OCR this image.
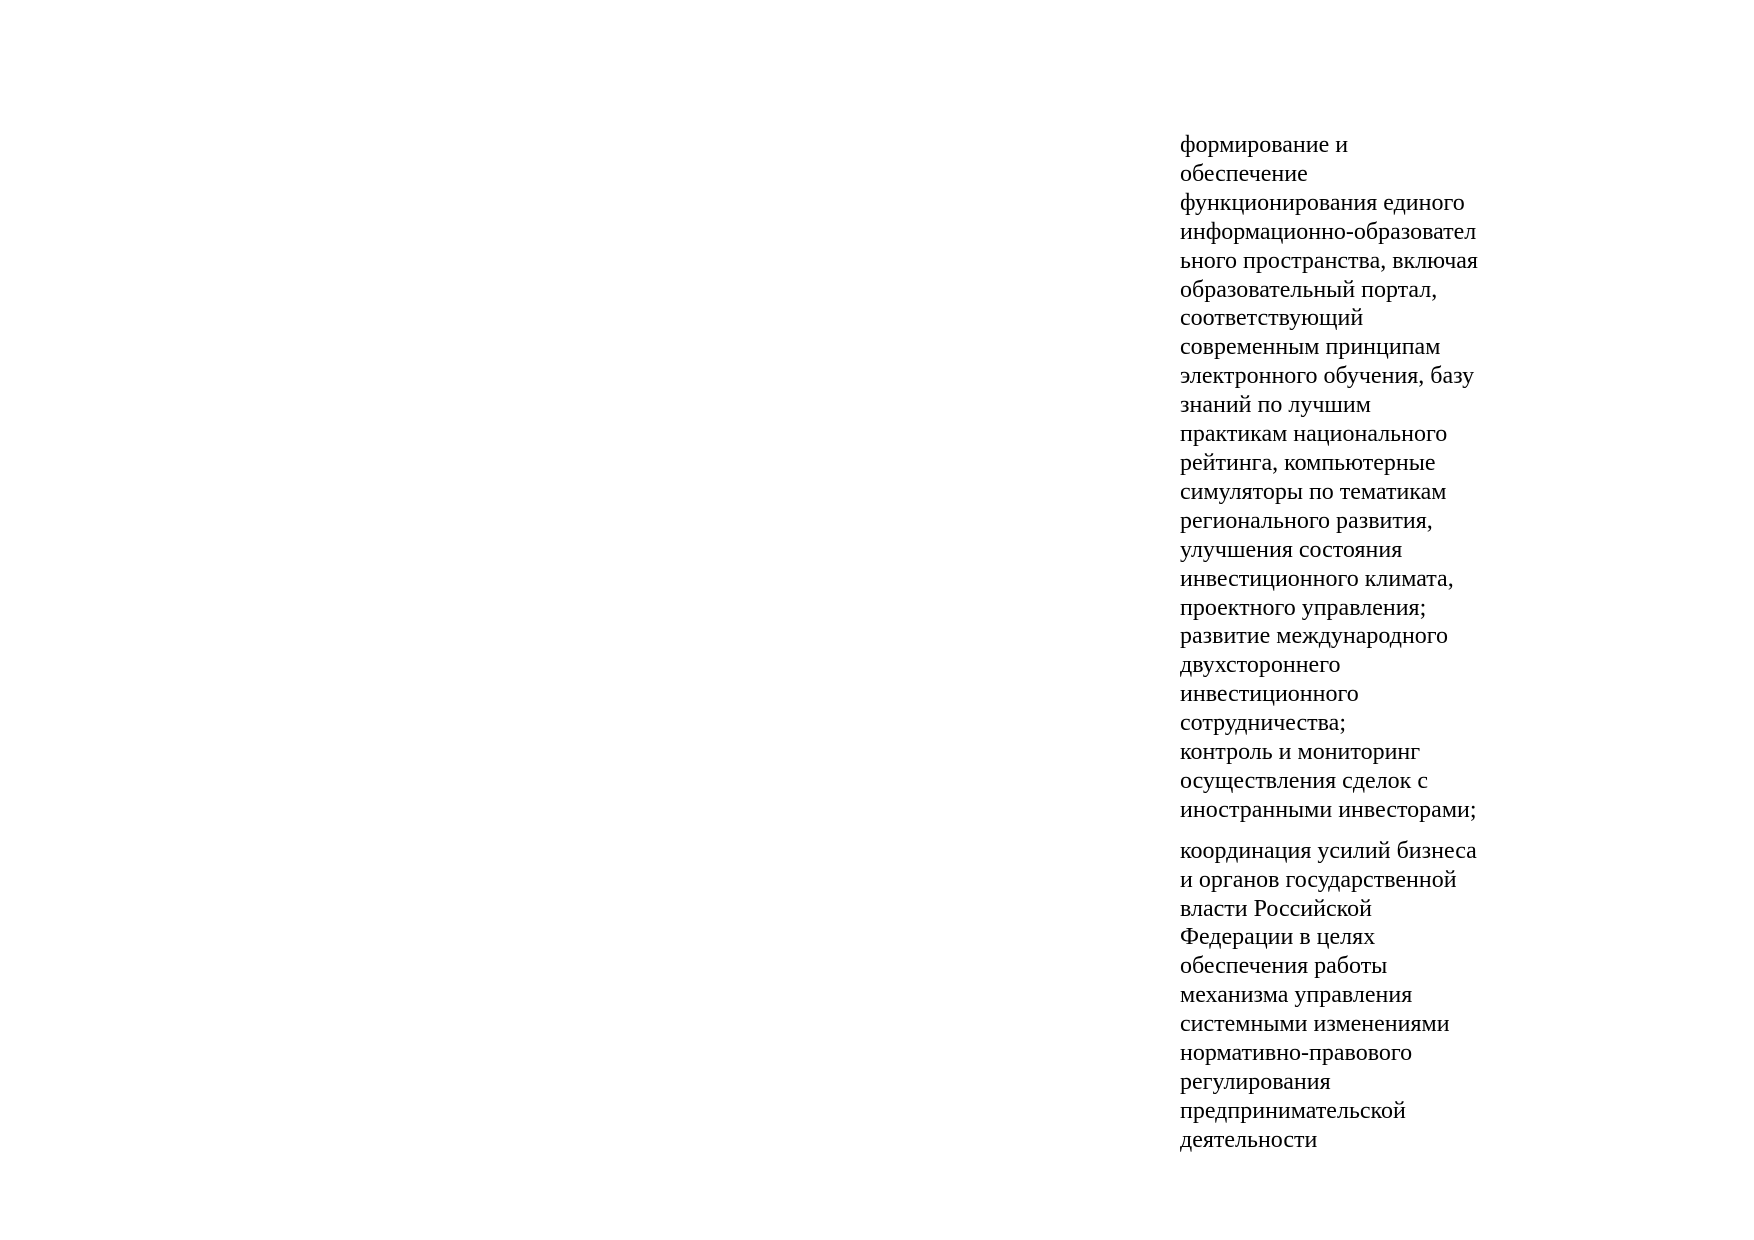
формирование и
обеспечение
функционирования единого
информационно-образовател
ьного пространства, включая
образовательный портал,
соответствующий
современным принципам
электронного обучения, базу
знаний по лучшим
практикам национального
рейтинга, компьютерные
симуляторы по тематикам
регионального развития,
улучшения состояния
инвестиционного климата,
проектного управления;
развитие международного
двухстороннего
инвестиционного
сотрудничества;
контроль и мониторинг
осуществления сделок с
иностранными инвесторами;

координация усилий бизнеса
и органов государственной
власти Российской
Федерации в целях
обеспечения работы
механизма управления
системными изменениями
нормативно-правового
регулирования
предпринимательской
деятельности
